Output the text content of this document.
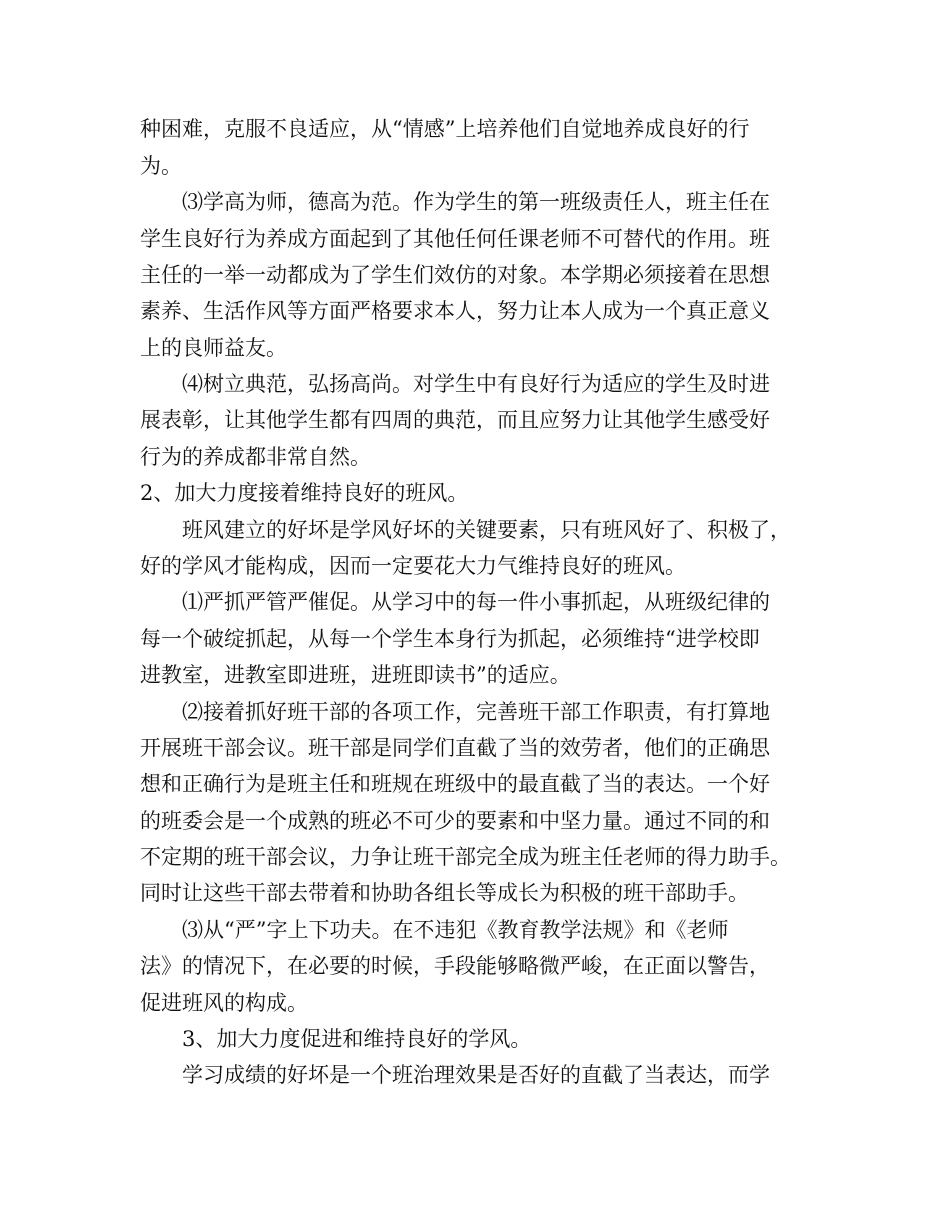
种困难，克服不良适应，从“情感”上培养他们自觉地养成良好的行
为。
⑶学高为师，德高为范。作为学生的第一班级责任人，班主任在
学生良好行为养成方面起到了其他任何任课老师不可替代的作用。班
主任的一举一动都成为了学生们效仿的对象。本学期必须接着在思想
素养、生活作风等方面严格要求本人，努力让本人成为一个真正意义
上的良师益友。
⑷树立典范，弘扬高尚。对学生中有良好行为适应的学生及时进
展表彰，让其他学生都有四周的典范，而且应努力让其他学生感受好
行为的养成都非常自然。
2、加大力度接着维持良好的班风。
班风建立的好坏是学风好坏的关键要素，只有班风好了、积极了，
好的学风才能构成，因而一定要花大力气维持良好的班风。
⑴严抓严管严催促。从学习中的每一件小事抓起，从班级纪律的
每一个破绽抓起，从每一个学生本身行为抓起，必须维持“进学校即
进教室，进教室即进班，进班即读书”的适应。
⑵接着抓好班干部的各项工作，完善班干部工作职责，有打算地
开展班干部会议。班干部是同学们直截了当的效劳者，他们的正确思
想和正确行为是班主任和班规在班级中的最直截了当的表达。一个好
的班委会是一个成熟的班必不可少的要素和中坚力量。通过不同的和
不定期的班干部会议，力争让班干部完全成为班主任老师的得力助手。
同时让这些干部去带着和协助各组长等成长为积极的班干部助手。
⑶从“严”字上下功夫。在不违犯《教育教学法规》和《老师
法》的情况下，在必要的时候，手段能够略微严峻，在正面以警告，
促进班风的构成。
3、加大力度促进和维持良好的学风。
学习成绩的好坏是一个班治理效果是否好的直截了当表达，而学
